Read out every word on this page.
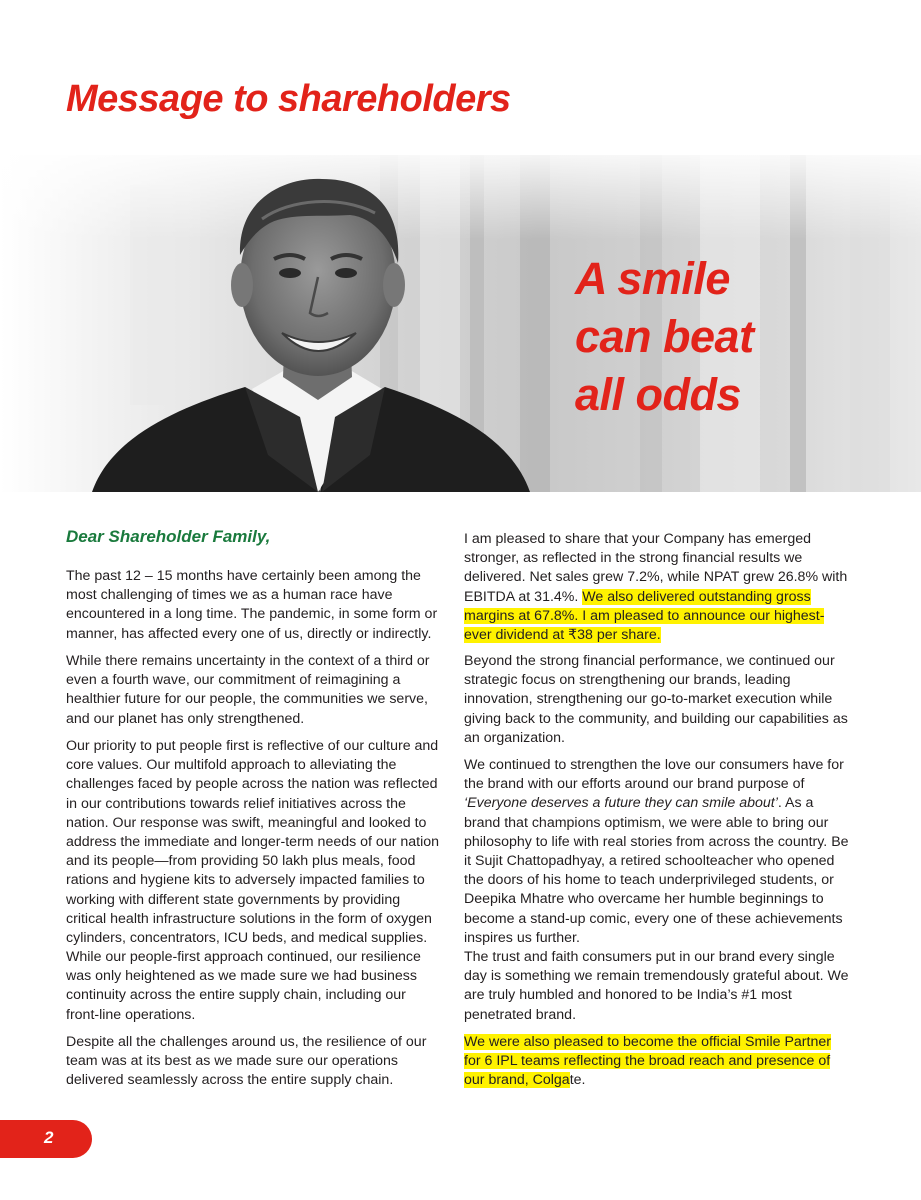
Message to shareholders
A smile
can beat
all odds
Dear Shareholder Family,

The past 12 – 15 months have certainly been among the most challenging of times we as a human race have encountered in a long time. The pandemic, in some form or manner, has affected every one of us, directly or indirectly.

While there remains uncertainty in the context of a third or even a fourth wave, our commitment of reimagining a healthier future for our people, the communities we serve, and our planet has only strengthened.

Our priority to put people first is reflective of our culture and core values. Our multifold approach to alleviating the challenges faced by people across the nation was reflected in our contributions towards relief initiatives across the nation. Our response was swift, meaningful and looked to address the immediate and longer-term needs of our nation and its people—from providing 50 lakh plus meals, food rations and hygiene kits to adversely impacted families to working with different state governments by providing critical health infrastructure solutions in the form of oxygen cylinders, concentrators, ICU beds, and medical supplies.

While our people-first approach continued, our resilience was only heightened as we made sure we had business continuity across the entire supply chain, including our front-line operations.

Despite all the challenges around us, the resilience of our team was at its best as we made sure our operations delivered seamlessly across the entire supply chain.

I am pleased to share that your Company has emerged stronger, as reflected in the strong financial results we delivered. Net sales grew 7.2%, while NPAT grew 26.8% with EBITDA at 31.4%. We also delivered outstanding gross margins at 67.8%. I am pleased to announce our highest-ever dividend at ₹38 per share.

Beyond the strong financial performance, we continued our strategic focus on strengthening our brands, leading innovation, strengthening our go-to-market execution while giving back to the community, and building our capabilities as an organization.

We continued to strengthen the love our consumers have for the brand with our efforts around our brand purpose of ‘Everyone deserves a future they can smile about’. As a brand that champions optimism, we were able to bring our philosophy to life with real stories from across the country. Be it Sujit Chattopadhyay, a retired schoolteacher who opened the doors of his home to teach underprivileged students, or Deepika Mhatre who overcame her humble beginnings to become a stand-up comic, every one of these achievements inspires us further.

The trust and faith consumers put in our brand every single day is something we remain tremendously grateful about. We are truly humbled and honored to be India’s #1 most penetrated brand.

We were also pleased to become the official Smile Partner for 6 IPL teams reflecting the broad reach and presence of our brand, Colgate.

2
